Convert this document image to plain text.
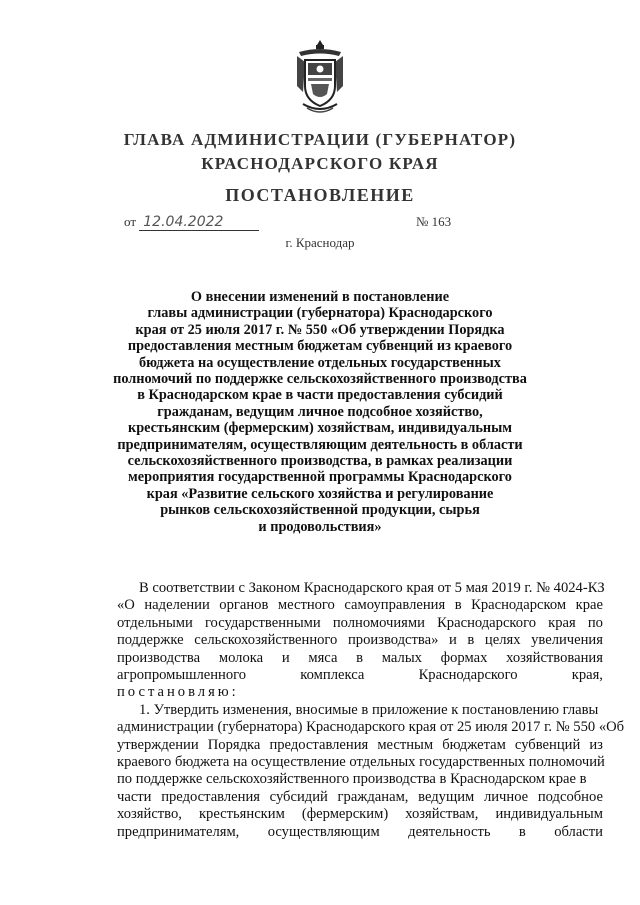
ГЛАВА АДМИНИСТРАЦИИ (ГУБЕРНАТОР)
КРАСНОДАРСКОГО КРАЯ
ПОСТАНОВЛЕНИЕ
от 12.04.2022	№ 163
г. Краснодар
О внесении изменений в постановление
главы администрации (губернатора) Краснодарского
края от 25 июля 2017 г. № 550 «Об утверждении Порядка
предоставления местным бюджетам субвенций из краевого
бюджета на осуществление отдельных государственных
полномочий по поддержке сельскохозяйственного производства
в Краснодарском крае в части предоставления субсидий
гражданам, ведущим личное подсобное хозяйство,
крестьянским (фермерским) хозяйствам, индивидуальным
предпринимателям, осуществляющим деятельность в области
сельскохозяйственного производства, в рамках реализации
мероприятия государственной программы Краснодарского
края «Развитие сельского хозяйства и регулирование
рынков сельскохозяйственной продукции, сырья
и продовольствия»
В соответствии с Законом Краснодарского края от 5 мая 2019 г. № 4024-КЗ
«О наделении органов местного самоуправления в Краснодарском крае
отдельными государственными полномочиями Краснодарского края по
поддержке сельскохозяйственного производства» и в целях увеличения
производства молока и мяса в малых формах хозяйствования
агропромышленного	комплекса	Краснодарского	края,
постановляю:
1. Утвердить изменения, вносимые в приложение к постановлению главы
администрации (губернатора) Краснодарского края от 25 июля 2017 г. № 550 «Об
утверждении Порядка предоставления местным бюджетам субвенций из
краевого бюджета на осуществление отдельных государственных полномочий
по поддержке сельскохозяйственного производства в Краснодарском крае в
части предоставления субсидий гражданам, ведущим личное подсобное
хозяйство, крестьянским (фермерским) хозяйствам, индивидуальным
предпринимателям, осуществляющим деятельность в области
